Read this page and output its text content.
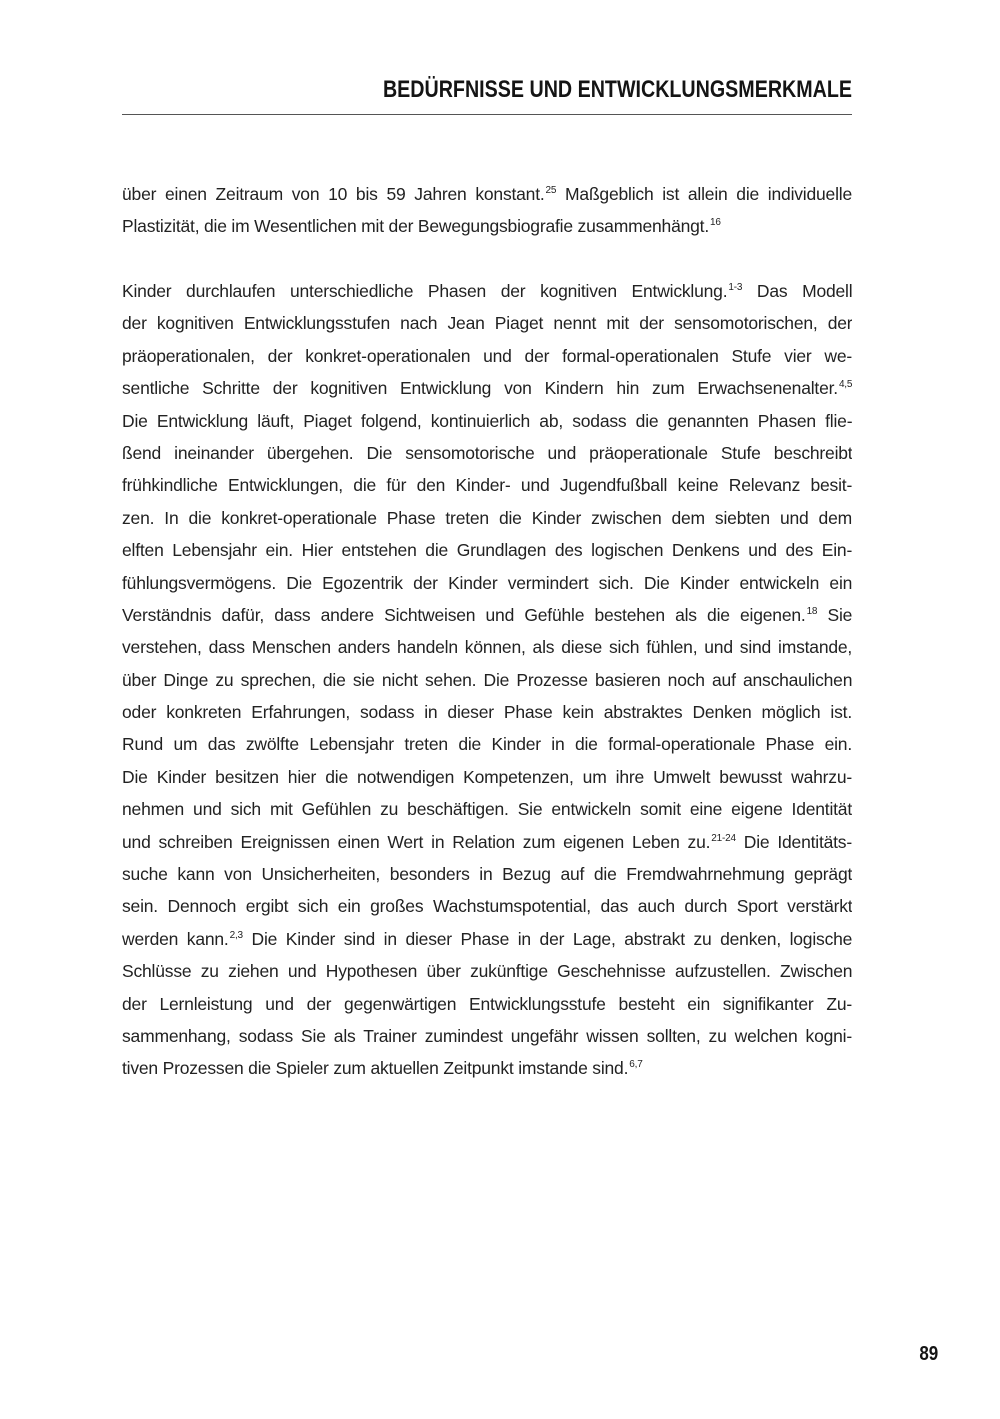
BEDÜRFNISSE UND ENTWICKLUNGSMERKMALE
über einen Zeitraum von 10 bis 59 Jahren konstant.$^{25}$ Maßgeblich ist allein die individuelle
Plastizität, die im Wesentlichen mit der Bewegungsbiografie zusammenhängt.$^{16}$
Kinder durchlaufen unterschiedliche Phasen der kognitiven Entwicklung.$^{1-3}$ Das Modell
der kognitiven Entwicklungsstufen nach Jean Piaget nennt mit der sensomotorischen, der
präoperationalen, der konkret-operationalen und der formal-operationalen Stufe vier we-
sentliche Schritte der kognitiven Entwicklung von Kindern hin zum Erwachsenenalter.$^{4,5}$
Die Entwicklung läuft, Piaget folgend, kontinuierlich ab, sodass die genannten Phasen flie-
ßend ineinander übergehen. Die sensomotorische und präoperationale Stufe beschreibt
frühkindliche Entwicklungen, die für den Kinder- und Jugendfußball keine Relevanz besit-
zen. In die konkret-operationale Phase treten die Kinder zwischen dem siebten und dem
elften Lebensjahr ein. Hier entstehen die Grundlagen des logischen Denkens und des Ein-
fühlungsvermögens. Die Egozentrik der Kinder vermindert sich. Die Kinder entwickeln ein
Verständnis dafür, dass andere Sichtweisen und Gefühle bestehen als die eigenen.$^{18}$ Sie
verstehen, dass Menschen anders handeln können, als diese sich fühlen, und sind imstande,
über Dinge zu sprechen, die sie nicht sehen. Die Prozesse basieren noch auf anschaulichen
oder konkreten Erfahrungen, sodass in dieser Phase kein abstraktes Denken möglich ist.
Rund um das zwölfte Lebensjahr treten die Kinder in die formal-operationale Phase ein.
Die Kinder besitzen hier die notwendigen Kompetenzen, um ihre Umwelt bewusst wahrzu-
nehmen und sich mit Gefühlen zu beschäftigen. Sie entwickeln somit eine eigene Identität
und schreiben Ereignissen einen Wert in Relation zum eigenen Leben zu.$^{21-24}$ Die Identitäts-
suche kann von Unsicherheiten, besonders in Bezug auf die Fremdwahrnehmung geprägt
sein. Dennoch ergibt sich ein großes Wachstumspotential, das auch durch Sport verstärkt
werden kann.$^{2,3}$ Die Kinder sind in dieser Phase in der Lage, abstrakt zu denken, logische
Schlüsse zu ziehen und Hypothesen über zukünftige Geschehnisse aufzustellen. Zwischen
der Lernleistung und der gegenwärtigen Entwicklungsstufe besteht ein signifikanter Zu-
sammenhang, sodass Sie als Trainer zumindest ungefähr wissen sollten, zu welchen kogni-
tiven Prozessen die Spieler zum aktuellen Zeitpunkt imstande sind.$^{6,7}$
89
